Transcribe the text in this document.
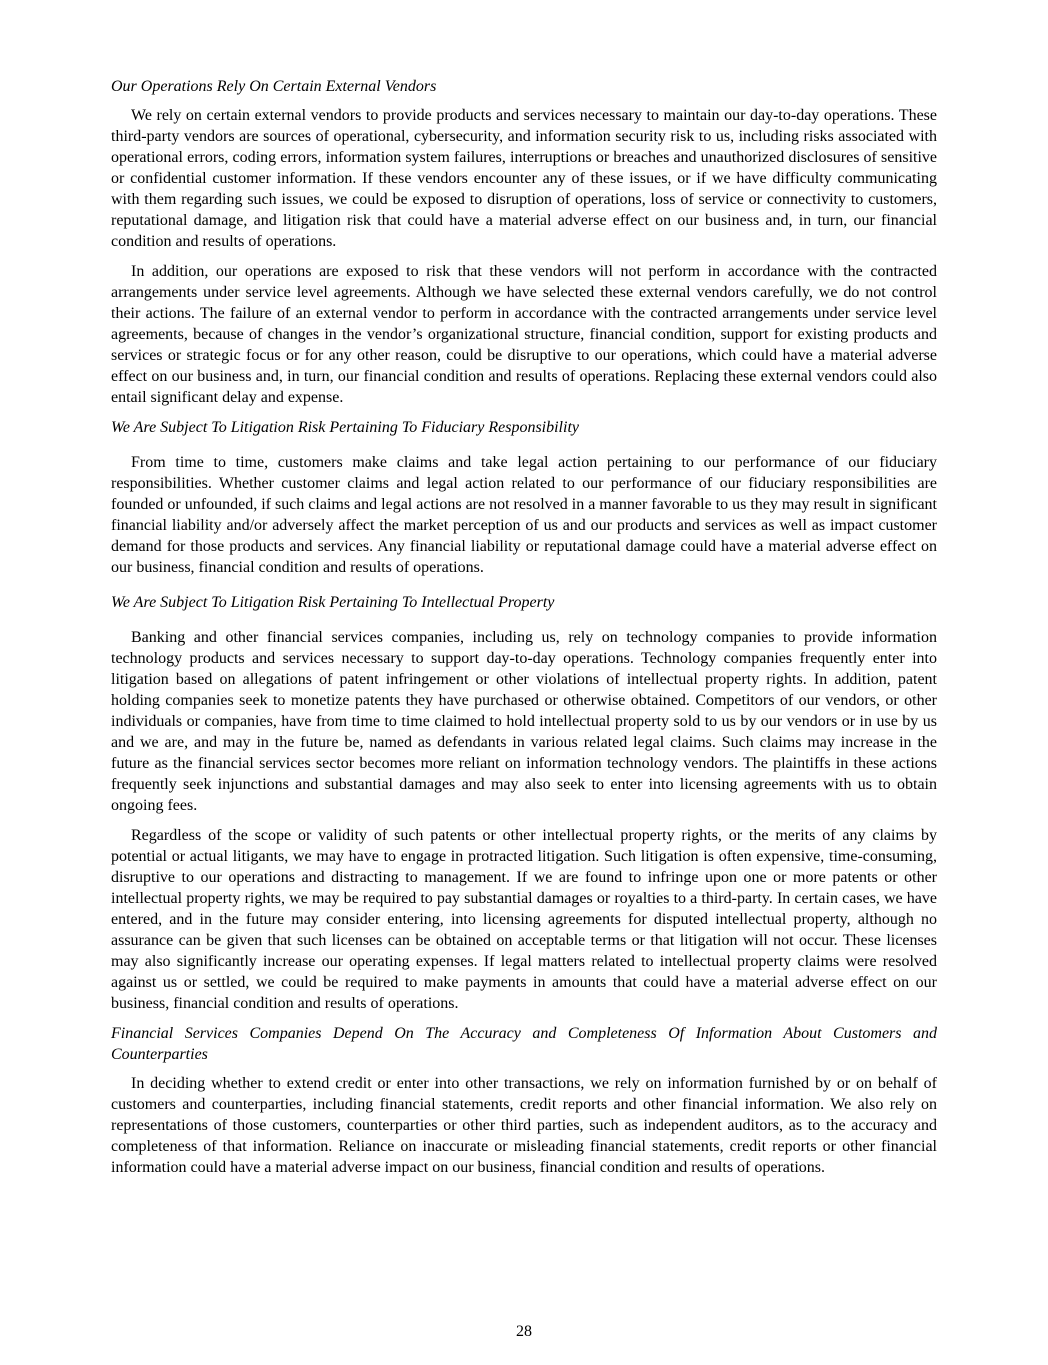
Our Operations Rely On Certain External Vendors

We rely on certain external vendors to provide products and services necessary to maintain our day-to-day operations. These third-party vendors are sources of operational, cybersecurity, and information security risk to us, including risks associated with operational errors, coding errors, information system failures, interruptions or breaches and unauthorized disclosures of sensitive or confidential customer information. If these vendors encounter any of these issues, or if we have difficulty communicating with them regarding such issues, we could be exposed to disruption of operations, loss of service or connectivity to customers, reputational damage, and litigation risk that could have a material adverse effect on our business and, in turn, our financial condition and results of operations.

In addition, our operations are exposed to risk that these vendors will not perform in accordance with the contracted arrangements under service level agreements. Although we have selected these external vendors carefully, we do not control their actions. The failure of an external vendor to perform in accordance with the contracted arrangements under service level agreements, because of changes in the vendor’s organizational structure, financial condition, support for existing products and services or strategic focus or for any other reason, could be disruptive to our operations, which could have a material adverse effect on our business and, in turn, our financial condition and results of operations. Replacing these external vendors could also entail significant delay and expense.

We Are Subject To Litigation Risk Pertaining To Fiduciary Responsibility

From time to time, customers make claims and take legal action pertaining to our performance of our fiduciary responsibilities. Whether customer claims and legal action related to our performance of our fiduciary responsibilities are founded or unfounded, if such claims and legal actions are not resolved in a manner favorable to us they may result in significant financial liability and/or adversely affect the market perception of us and our products and services as well as impact customer demand for those products and services. Any financial liability or reputational damage could have a material adverse effect on our business, financial condition and results of operations.

We Are Subject To Litigation Risk Pertaining To Intellectual Property

Banking and other financial services companies, including us, rely on technology companies to provide information technology products and services necessary to support day-to-day operations. Technology companies frequently enter into litigation based on allegations of patent infringement or other violations of intellectual property rights. In addition, patent holding companies seek to monetize patents they have purchased or otherwise obtained. Competitors of our vendors, or other individuals or companies, have from time to time claimed to hold intellectual property sold to us by our vendors or in use by us and we are, and may in the future be, named as defendants in various related legal claims. Such claims may increase in the future as the financial services sector becomes more reliant on information technology vendors. The plaintiffs in these actions frequently seek injunctions and substantial damages and may also seek to enter into licensing agreements with us to obtain ongoing fees.

Regardless of the scope or validity of such patents or other intellectual property rights, or the merits of any claims by potential or actual litigants, we may have to engage in protracted litigation. Such litigation is often expensive, time-consuming, disruptive to our operations and distracting to management. If we are found to infringe upon one or more patents or other intellectual property rights, we may be required to pay substantial damages or royalties to a third-party. In certain cases, we have entered, and in the future may consider entering, into licensing agreements for disputed intellectual property, although no assurance can be given that such licenses can be obtained on acceptable terms or that litigation will not occur. These licenses may also significantly increase our operating expenses. If legal matters related to intellectual property claims were resolved against us or settled, we could be required to make payments in amounts that could have a material adverse effect on our business, financial condition and results of operations.

Financial Services Companies Depend On The Accuracy and Completeness Of Information About Customers and Counterparties

In deciding whether to extend credit or enter into other transactions, we rely on information furnished by or on behalf of customers and counterparties, including financial statements, credit reports and other financial information. We also rely on representations of those customers, counterparties or other third parties, such as independent auditors, as to the accuracy and completeness of that information. Reliance on inaccurate or misleading financial statements, credit reports or other financial information could have a material adverse impact on our business, financial condition and results of operations.

28
